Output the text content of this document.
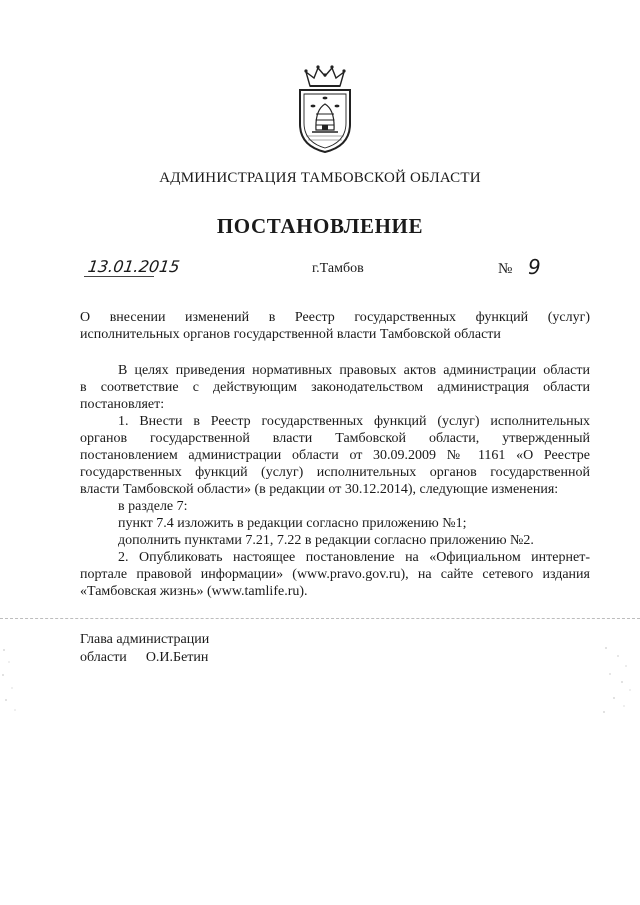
АДМИНИСТРАЦИЯ ТАМБОВСКОЙ ОБЛАСТИ
ПОСТАНОВЛЕНИЕ
13.01.2015	г.Тамбов	№ 9

О внесении изменений в Реестр государственных функций (услуг)

исполнительных органов государственной власти Тамбовской области

В целях приведения нормативных правовых актов администрации области

в соответствие с действующим законодательством администрация области

постановляет:

1. Внести в Реестр государственных функций (услуг) исполнительных

органов государственной власти Тамбовской области, утвержденный

постановлением администрации области от 30.09.2009 № 1161 «О Реестре

государственных функций (услуг) исполнительных органов государственной

власти Тамбовской области» (в редакции от 30.12.2014), следующие изменения:

в разделе 7:

пункт 7.4 изложить в редакции согласно приложению №1;

дополнить пунктами 7.21, 7.22 в редакции согласно приложению №2.

2. Опубликовать настоящее постановление на «Официальном интернет-

портале правовой информации» (www.pravo.gov.ru), на сайте сетевого издания

«Тамбовская жизнь» (www.tamlife.ru).

Глава администрации
области О.И.Бетин
